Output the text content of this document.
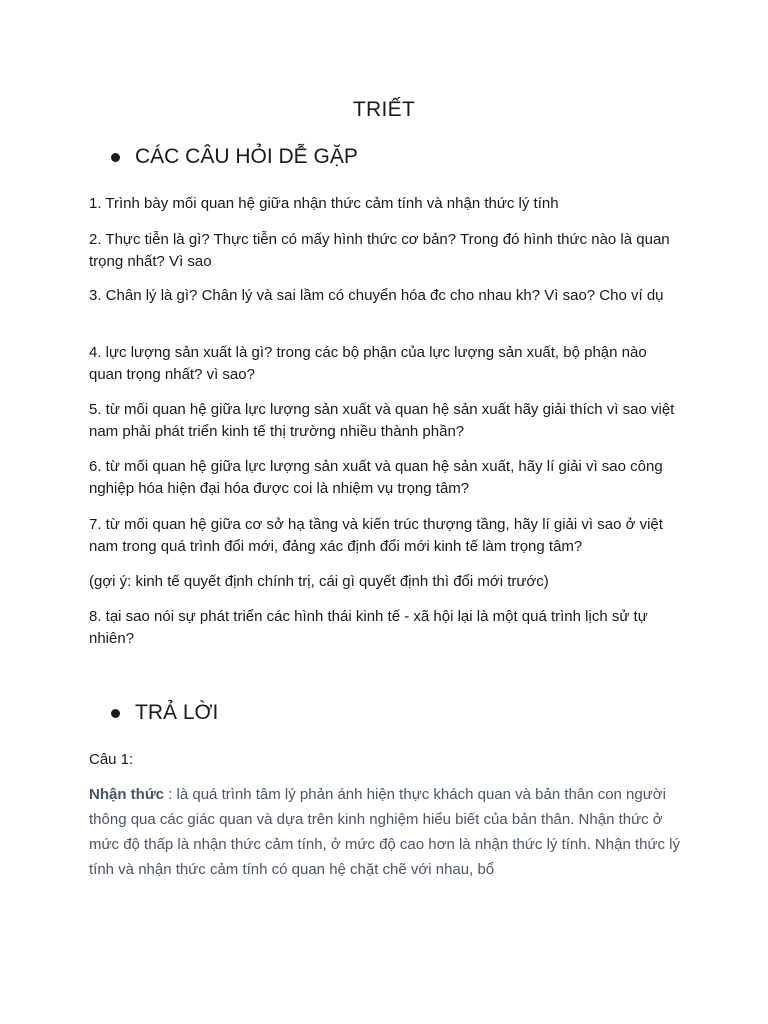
TRIẾT
CÁC CÂU HỎI DỄ GẶP
1. Trình bày mối quan hệ giữa nhận thức cảm tính và nhận thức lý tính
2. Thực tiễn là gì? Thực tiễn có mấy hình thức cơ bản? Trong đó hình thức nào là quan trọng nhất? Vì sao
3. Chân lý là gì? Chân lý và sai lầm có chuyển hóa đc cho nhau kh? Vì sao? Cho ví dụ
4. lực lượng sản xuất là gì? trong các bộ phận của lực lượng sản xuất, bộ phận nào quan trọng nhất? vì sao?
5. từ mối quan hệ giữa lực lượng sản xuất và quan hệ sản xuất hãy giải thích vì sao việt nam phải phát triển kinh tế thị trường nhiều thành phần?
6. từ mối quan hệ giữa lực lượng sản xuất và quan hệ sản xuất, hãy lí giải vì sao công nghiệp hóa hiện đại hóa được coi là nhiệm vụ trọng tâm?
7. từ mối quan hệ giữa cơ sở hạ tầng và kiến trúc thượng tầng, hãy lí giải vì sao ở việt nam trong quá trình đổi mới, đảng xác định đổi mới kinh tế làm trọng tâm?
(gợi ý: kinh tế quyết định chính trị, cái gì quyết định thì đổi mới trước)
8. tại sao nói sự phát triển các hình thái kinh tế - xã hội lại là một quá trình lịch sử tự nhiên?
TRẢ LỜI
Câu 1:
Nhận thức : là quá trình tâm lý phản ánh hiện thực khách quan và bản thân con người thông qua các giác quan và dựa trên kinh nghiệm hiểu biết của bản thân. Nhận thức ở mức độ thấp là nhận thức cảm tính, ở mức độ cao hơn là nhận thức lý tính. Nhận thức lý tính và nhận thức cảm tính có quan hệ chặt chẽ với nhau, bổ
